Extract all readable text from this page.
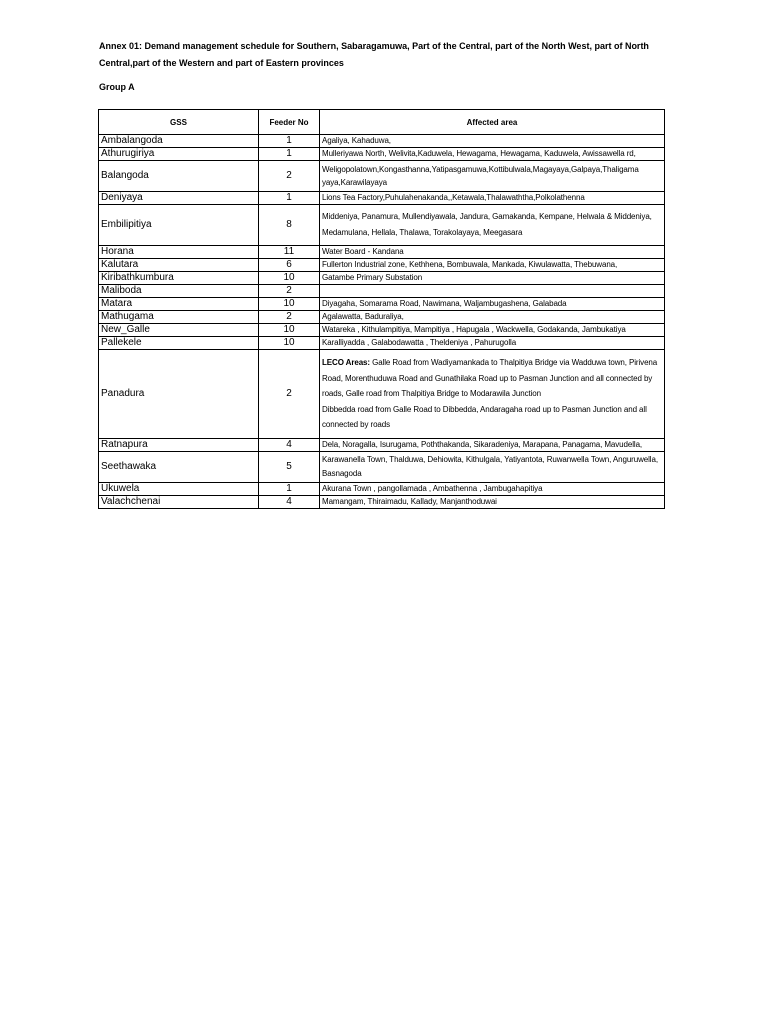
Annex 01: Demand management schedule for Southern, Sabaragamuwa, Part of the Central, part of the North West, part of North Central,part of the Western and part of Eastern provinces
Group A
GSS	Feeder No	Affected area
Ambalangoda	1	Agaliya, Kahaduwa,
Athurugiriya	1	Mulleriyawa North, Welivita,Kaduwela, Hewagama, Hewagama, Kaduwela, Awissawella rd,
Balangoda	2	Weligopolatown,Kongasthanna,Yatipasgamuwa,Kottibulwala,Magayaya,Galpaya,Thaligama yaya,Karawilayaya
Deniyaya	1	Lions Tea Factory,Puhulahenakanda,,Ketawala,Thalawaththa,Polkolathenna
Embilipitiya	8	Middeniya, Panamura, Mullendiyawala, Jandura, Gamakanda, Kempane, Helwala & Middeniya, Medamulana, Hellala, Thalawa, Torakolayaya, Meegasara
Horana	11	Water Board - Kandana
Kalutara	6	Fullerton Industrial zone, Kethhena, Bombuwala, Mankada, Kiwulawatta, Thebuwana,
Kiribathkumbura	10	Gatambe Primary Substation
Maliboda	2	
Matara	10	Diyagaha, Somarama Road, Nawimana, Waljambugashena, Galabada
Mathugama	2	Agalawatta, Baduraliya,
New_Galle	10	Watareka , Kithulampitiya, Mampitiya , Hapugala , Wackwella, Godakanda, Jambukatiya
Pallekele	10	Karalliyadda , Galabodawatta , Theldeniya , Pahurugolla
Panadura	2	LECO Areas: Galle Road from Wadiyamankada to Thalpitiya Bridge via Wadduwa town, Pirivena Road, Morenthuduwa Road and Gunathilaka Road up to Pasman Junction and all connected by roads, Galle road from Thalpitiya Bridge to Modarawila Junction
Dibbedda road from Galle Road to Dibbedda, Andaragaha road up to Pasman Junction and all connected by roads
Ratnapura	4	Dela, Noragalla, Isurugama, Poththakanda, Sikaradeniya, Marapana, Panagama, Mavudella,
Seethawaka	5	Karawanella Town, Thalduwa, Dehiowita, Kithulgala, Yatiyantota, Ruwanwella Town, Anguruwella, Basnagoda
Ukuwela	1	Akurana Town , pangollamada , Ambathenna , Jambugahapitiya
Valachchenai	4	Mamangam, Thiraimadu, Kallady, Manjanthoduwai
